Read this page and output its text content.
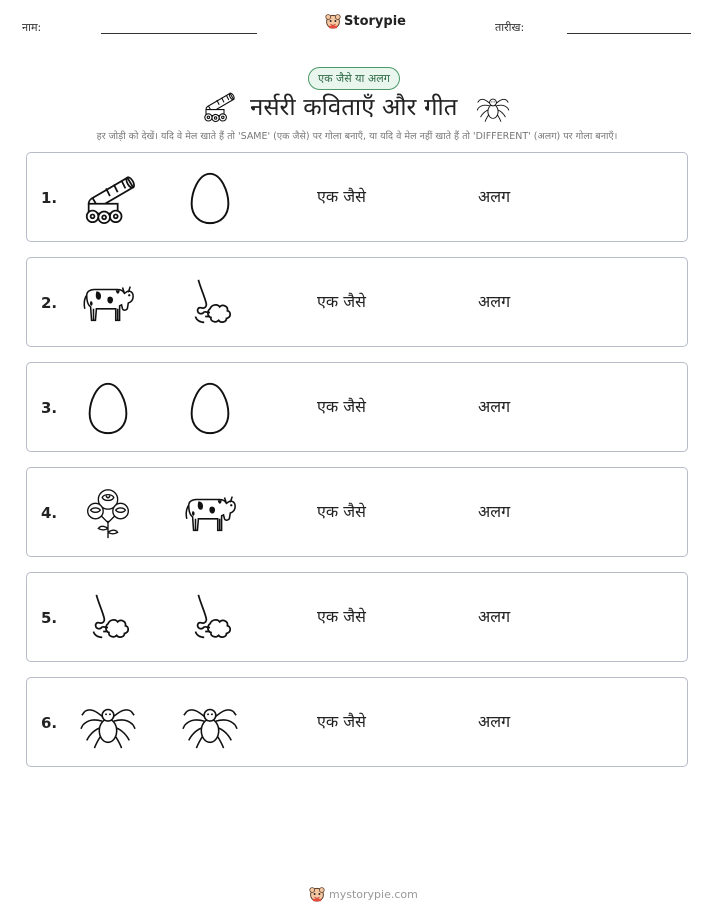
नाम:	Storypie	तारीख:
एक जैसे या अलग
नर्सरी कविताएँ और गीत
हर जोड़ी को देखें। यदि वे मेल खाते हैं तो 'SAME' (एक जैसे) पर गोला बनाएँ, या यदि वे मेल नहीं खाते हैं तो 'DIFFERENT' (अलग) पर गोला बनाएँ।
1.	एक जैसे	अलग
2.	एक जैसे	अलग
3.	एक जैसे	अलग
4.	एक जैसे	अलग
5.	एक जैसे	अलग
6.	एक जैसे	अलग
mystorypie.com
